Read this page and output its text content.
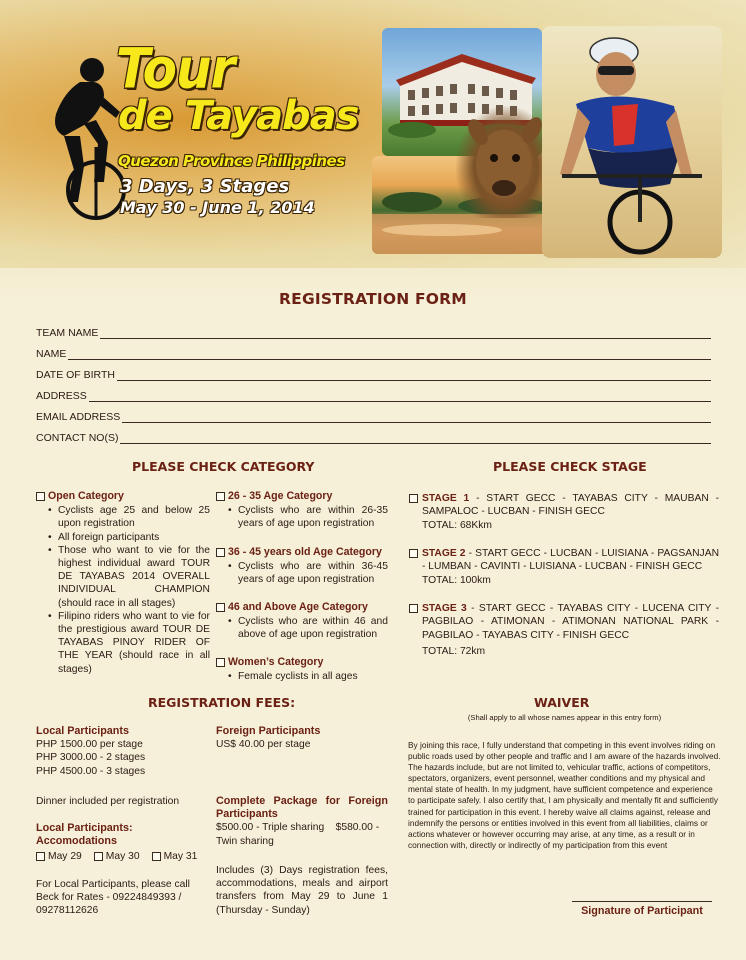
Tour
de Tayabas
Quezon Province Philippines
3 Days, 3 Stages
May 30 - June 1, 2014
REGISTRATION FORM
TEAM NAME
NAME
DATE OF BIRTH
ADDRESS
EMAIL ADDRESS
CONTACT NO(S)
PLEASE CHECK CATEGORY	PLEASE CHECK STAGE
Open Category
• Cyclists age 25 and below 25 upon registration
• All foreign participants
• Those who want to vie for the highest individual award TOUR DE TAYABAS 2014 OVERALL INDIVIDUAL CHAMPION (should race in all stages)
• Filipino riders who want to vie for the prestigious award TOUR DE TAYABAS PINOY RIDER OF THE YEAR (should race in all stages)
26 - 35 Age Category
• Cyclists who are within 26-35 years of age upon registration
36 - 45 years old Age Category
• Cyclists who are within 36-45 years of age upon registration
46 and Above Age Category
• Cyclists who are within 46 and above of age upon registration
Women’s Category
• Female cyclists in all ages
STAGE 1 - START GECC - TAYABAS CITY - MAUBAN - SAMPALOC - LUCBAN - FINISH GECC
TOTAL: 68Kkm
STAGE 2 - START GECC - LUCBAN - LUISIANA - PAGSANJAN - LUMBAN - CAVINTI - LUISIANA - LUCBAN - FINISH GECC
TOTAL: 100km
STAGE 3 - START GECC - TAYABAS CITY - LUCENA CITY - PAGBILAO - ATIMONAN - ATIMONAN NATIONAL PARK - PAGBILAO - TAYABAS CITY - FINISH GECC
TOTAL: 72km
REGISTRATION FEES:	WAIVER
Local Participants
PHP 1500.00 per stage
PHP 3000.00 - 2 stages
PHP 4500.00 - 3 stages
Dinner included per registration
Local Participants: Accomodations
May 29 May 30 May 31
For Local Participants, please call Beck for Rates - 09224849393 / 09278112626
Foreign Participants
US$ 40.00 per stage
Complete Package for Foreign Participants
$500.00 - Triple sharing    $580.00 - Twin sharing
Includes (3) Days registration fees, accommodations, meals and airport transfers from May 29 to June 1 (Thursday - Sunday)
(Shall apply to all whose names appear in this entry form)
By joining this race, I fully understand that competing in this event involves riding on public roads used by other people and traffic and I am aware of the hazards involved. The hazards include, but are not limited to, vehicular traffic, actions of competitors, spectators, organizers, event personnel, weather conditions and my physical and mental state of health. In my judgment, have sufficient competence and experience to participate safely. I also certify that, I am physically and mentally fit and sufficiently trained for participation in this event. I hereby waive all claims against, release and indemnify the persons or entities involved in this event from all liabilities, claims or actions whatever or however occurring may arise, at any time, as a result or in connection with, directly or indirectly of my participation from this event
Signature of Participant
